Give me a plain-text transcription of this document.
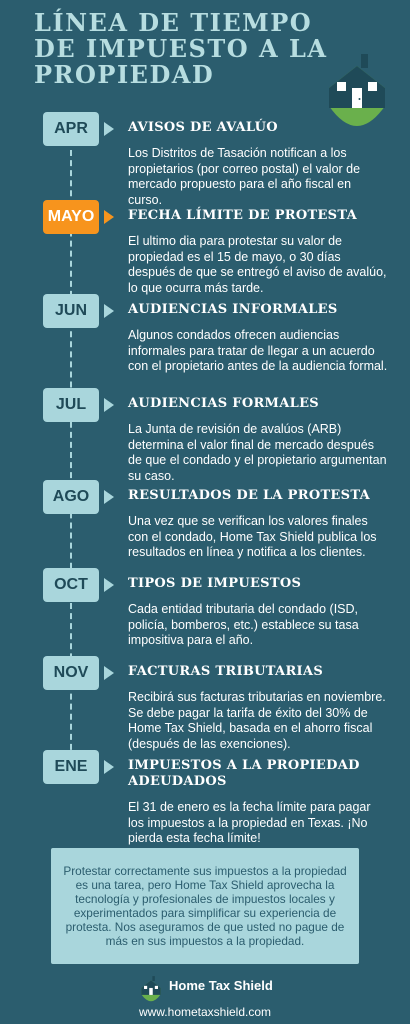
LÍNEA DE TIEMPO DE IMPUESTO A LA PROPIEDAD
APR	AVISOS DE AVALÚO
Los Distritos de Tasación notifican a los propietarios (por correo postal) el valor de mercado propuesto para el año fiscal en curso.
MAYO	FECHA LÍMITE DE PROTESTA
El ultimo dia para protestar su valor de propiedad es el 15 de mayo, o 30 días después de que se entregó el aviso de avalúo, lo que ocurra más tarde.
JUN	AUDIENCIAS INFORMALES
Algunos condados ofrecen audiencias informales para tratar de llegar a un acuerdo con el propietario antes de la audiencia formal.
JUL	AUDIENCIAS FORMALES
La Junta de revisión de avalúos (ARB) determina el valor final de mercado después de que el condado y el propietario argumentan su caso.
AGO	RESULTADOS DE LA PROTESTA
Una vez que se verifican los valores finales con el condado, Home Tax Shield publica los resultados en línea y notifica a los clientes.
OCT	TIPOS DE IMPUESTOS
Cada entidad tributaria del condado (ISD, policía, bomberos, etc.) establece su tasa impositiva para el año.
NOV	FACTURAS TRIBUTARIAS
Recibirá sus facturas tributarias en noviembre. Se debe pagar la tarifa de éxito del 30% de Home Tax Shield, basada en el ahorro fiscal (después de las exenciones).
ENE	IMPUESTOS A LA PROPIEDAD ADEUDADOS
El 31 de enero es la fecha límite para pagar los impuestos a la propiedad en Texas. ¡No pierda esta fecha límite!
Protestar correctamente sus impuestos a la propiedad es una tarea, pero Home Tax Shield aprovecha la tecnología y profesionales de impuestos locales y experimentados para simplificar su experiencia de protesta. Nos aseguramos de que usted no pague de más en sus impuestos a la propiedad.
Home Tax Shield
www.hometaxshield.com
